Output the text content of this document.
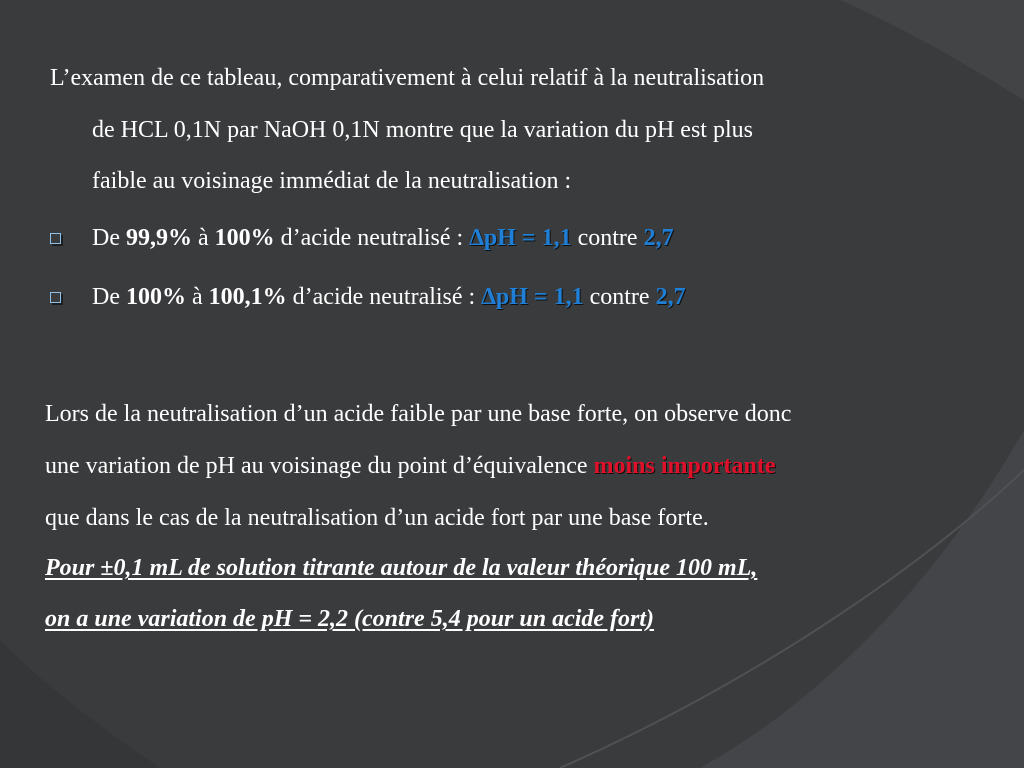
L’examen de ce tableau, comparativement à celui relatif à la neutralisation
de HCL 0,1N par NaOH 0,1N montre que la variation du pH est plus
faible au voisinage immédiat de la neutralisation :
De 99,9% à 100% d’acide neutralisé : ∆pH = 1,1 contre 2,7
De 100% à 100,1% d’acide neutralisé : ∆pH = 1,1 contre 2,7
Lors de la neutralisation d’un acide faible par une base forte, on observe donc
une variation de pH au voisinage du point d’équivalence moins importante
que dans le cas de la neutralisation d’un acide fort par une base forte.
Pour ±0,1 mL de solution titrante autour de la valeur théorique 100 mL,
on a une variation de pH = 2,2 (contre 5,4 pour un acide fort)
